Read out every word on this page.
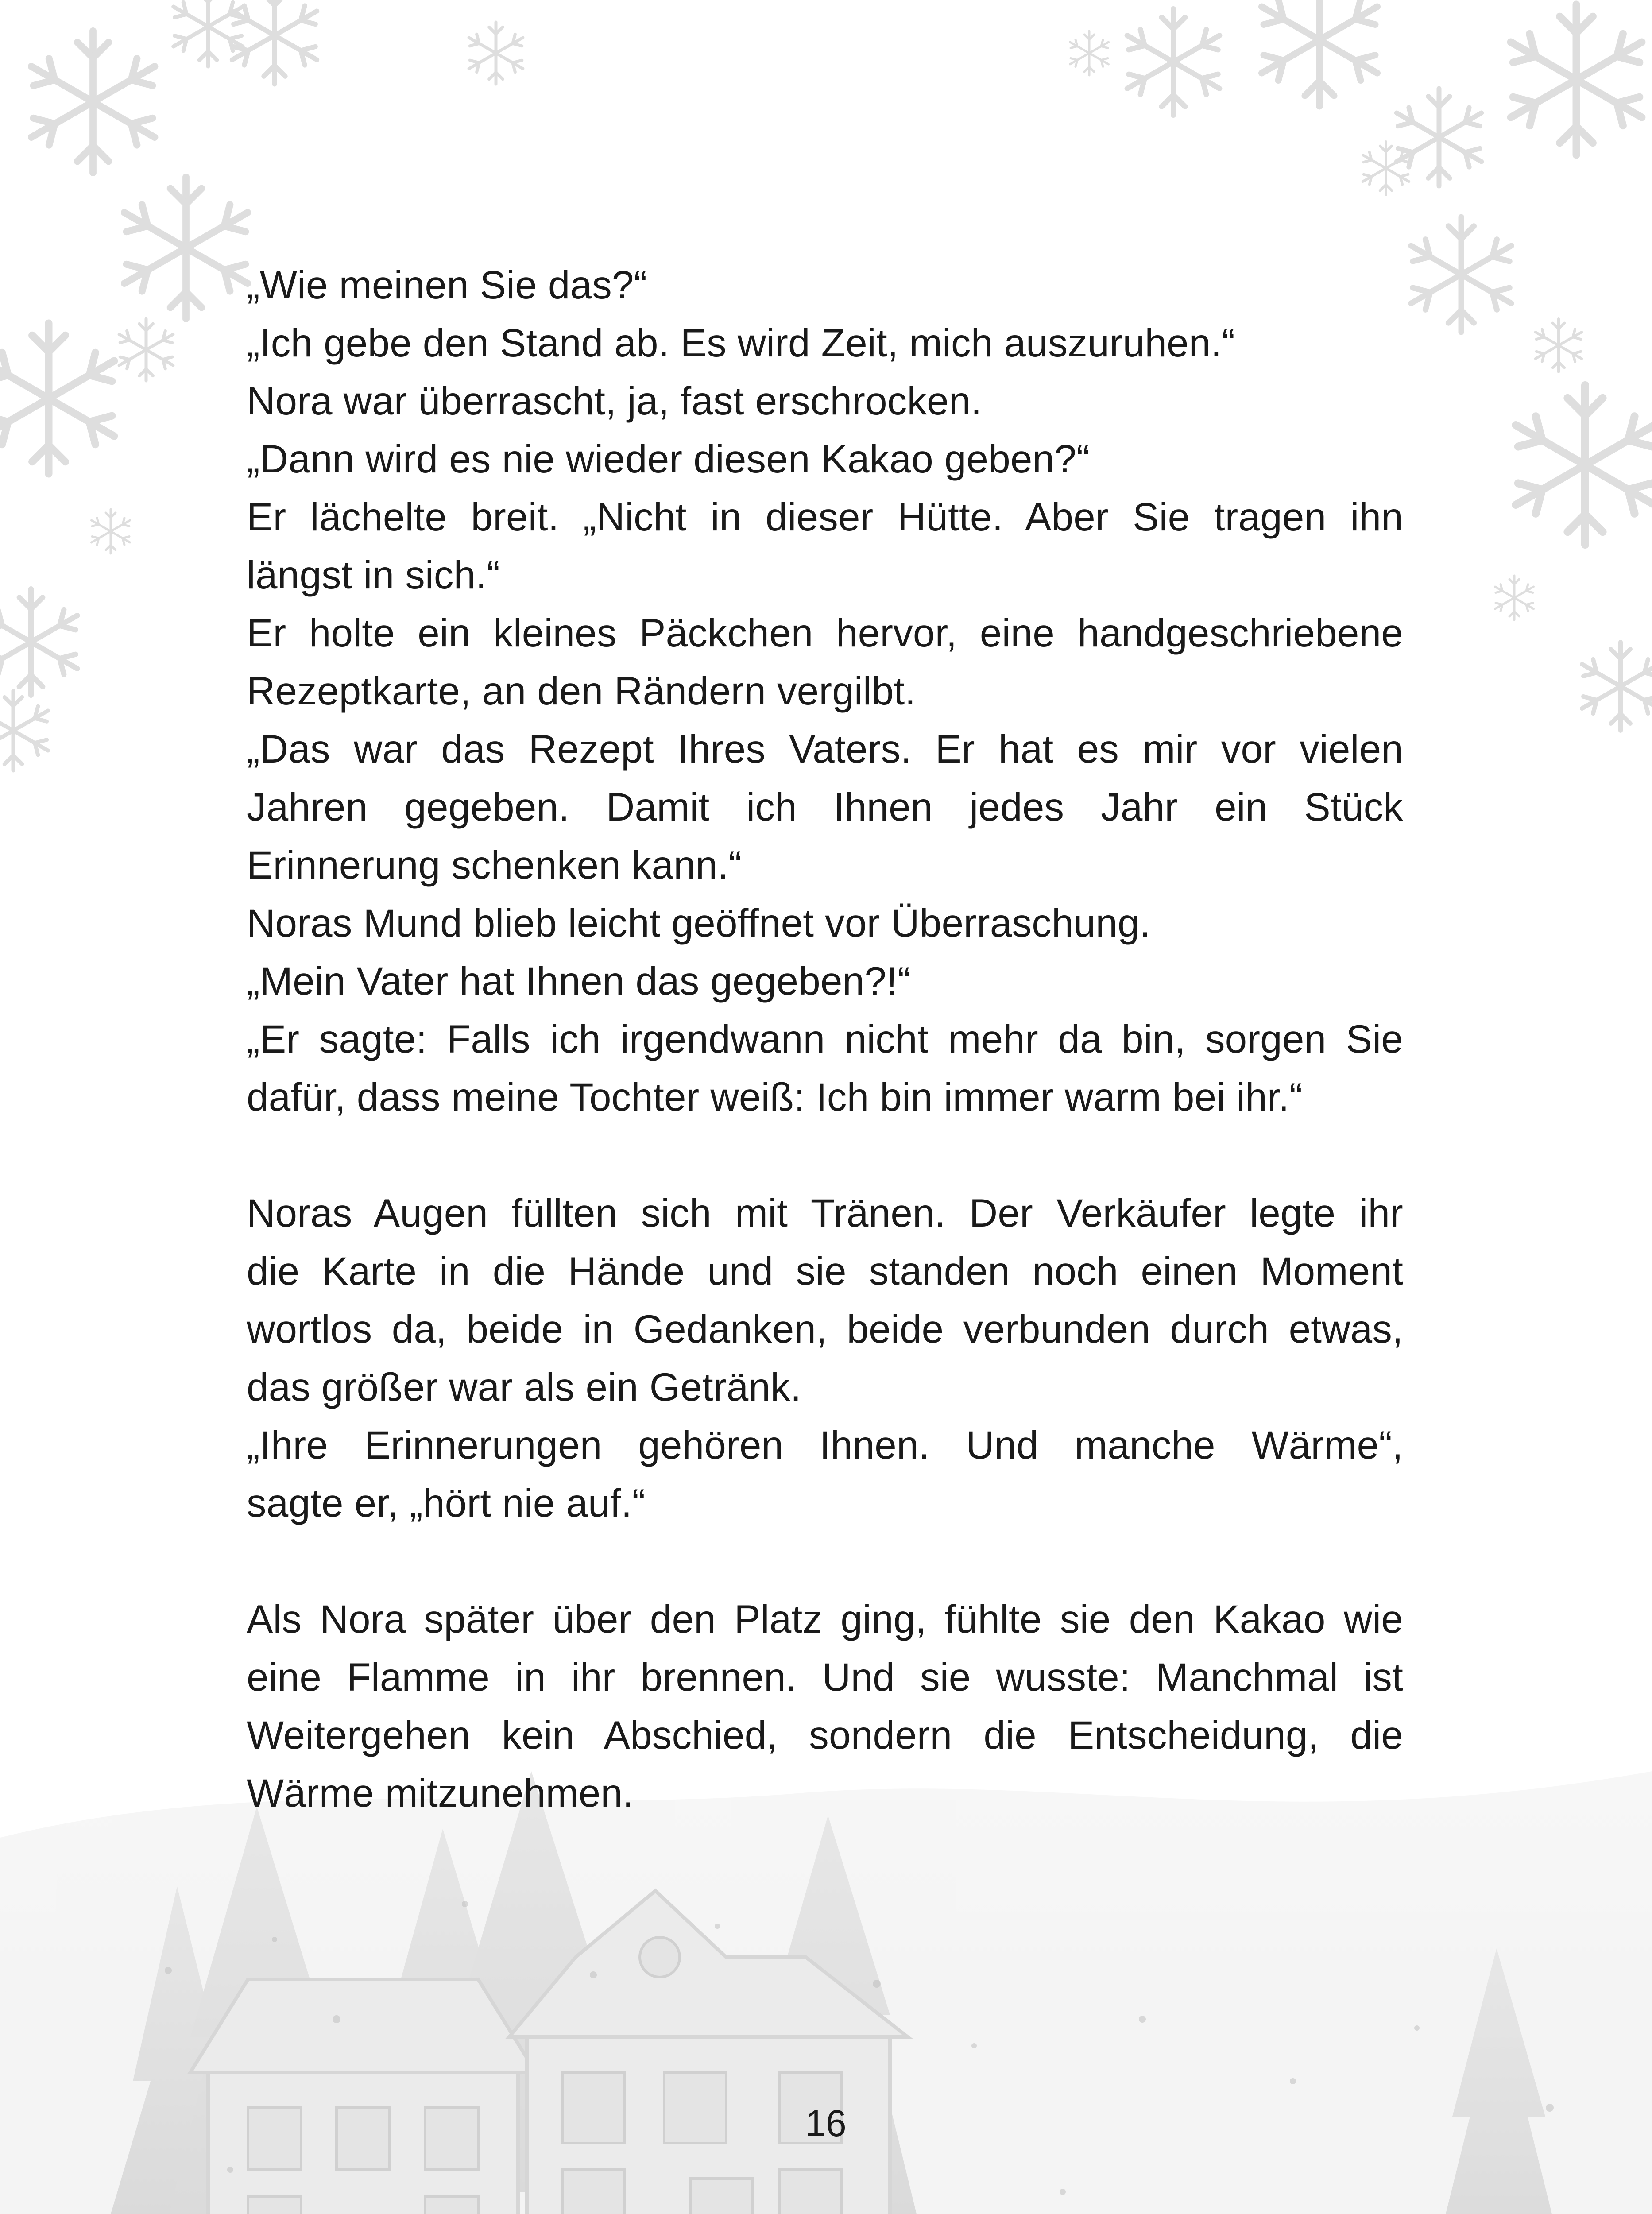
„Wie meinen Sie das?“
„Ich gebe den Stand ab. Es wird Zeit, mich auszuruhen.“
Nora war überrascht, ja, fast erschrocken.
„Dann wird es nie wieder diesen Kakao geben?“
Er lächelte breit. „Nicht in dieser Hütte. Aber Sie tragen ihn
längst in sich.“
Er holte ein kleines Päckchen hervor, eine handgeschriebene
Rezeptkarte, an den Rändern vergilbt.
„Das war das Rezept Ihres Vaters. Er hat es mir vor vielen
Jahren gegeben. Damit ich Ihnen jedes Jahr ein Stück
Erinnerung schenken kann.“
Noras Mund blieb leicht geöffnet vor Überraschung.
„Mein Vater hat Ihnen das gegeben?!“
„Er sagte: Falls ich irgendwann nicht mehr da bin, sorgen Sie
dafür, dass meine Tochter weiß: Ich bin immer warm bei ihr.“
Noras Augen füllten sich mit Tränen. Der Verkäufer legte ihr
die Karte in die Hände und sie standen noch einen Moment
wortlos da, beide in Gedanken, beide verbunden durch etwas,
das größer war als ein Getränk.
„Ihre Erinnerungen gehören Ihnen. Und manche Wärme“,
sagte er, „hört nie auf.“
Als Nora später über den Platz ging, fühlte sie den Kakao wie
eine Flamme in ihr brennen. Und sie wusste: Manchmal ist
Weitergehen kein Abschied, sondern die Entscheidung, die
Wärme mitzunehmen.
16
